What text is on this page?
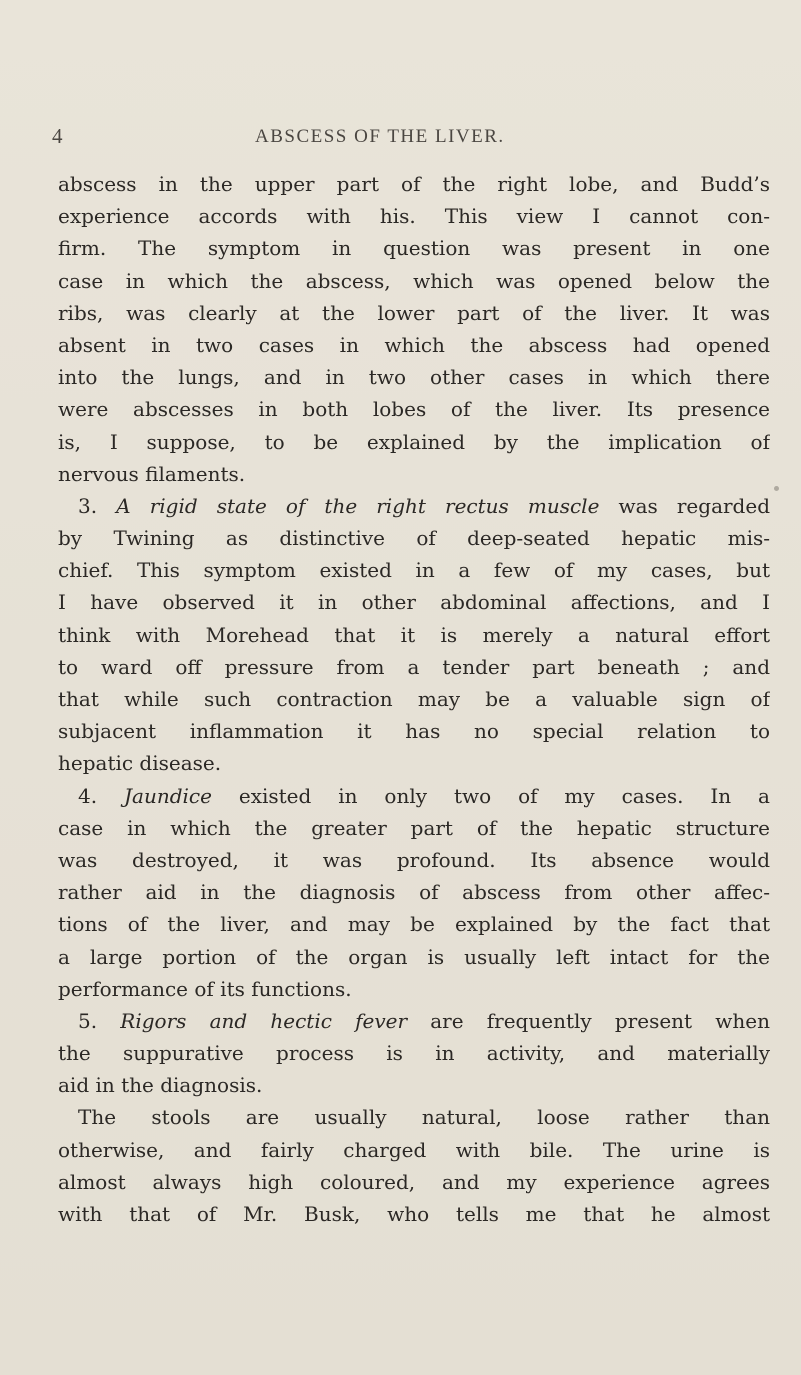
4	ABSCESS OF THE LIVER.
abscess in the upper part of the right lobe, and Budd’s
experience accords with his. This view I cannot con-
firm. The symptom in question was present in one
case in which the abscess, which was opened below the
ribs, was clearly at the lower part of the liver. It was
absent in two cases in which the abscess had opened
into the lungs, and in two other cases in which there
were abscesses in both lobes of the liver. Its presence
is, I suppose, to be explained by the implication of
nervous filaments.
3. A rigid state of the right rectus muscle was regarded
by Twining as distinctive of deep-seated hepatic mis-
chief. This symptom existed in a few of my cases, but
I have observed it in other abdominal affections, and I
think with Morehead that it is merely a natural effort
to ward off pressure from a tender part beneath ; and
that while such contraction may be a valuable sign of
subjacent inflammation it has no special relation to
hepatic disease.
4. Jaundice existed in only two of my cases. In a
case in which the greater part of the hepatic structure
was destroyed, it was profound. Its absence would
rather aid in the diagnosis of abscess from other affec-
tions of the liver, and may be explained by the fact that
a large portion of the organ is usually left intact for the
performance of its functions.
5. Rigors and hectic fever are frequently present when
the suppurative process is in activity, and materially
aid in the diagnosis.
The stools are usually natural, loose rather than
otherwise, and fairly charged with bile. The urine is
almost always high coloured, and my experience agrees
with that of Mr. Busk, who tells me that he almost
